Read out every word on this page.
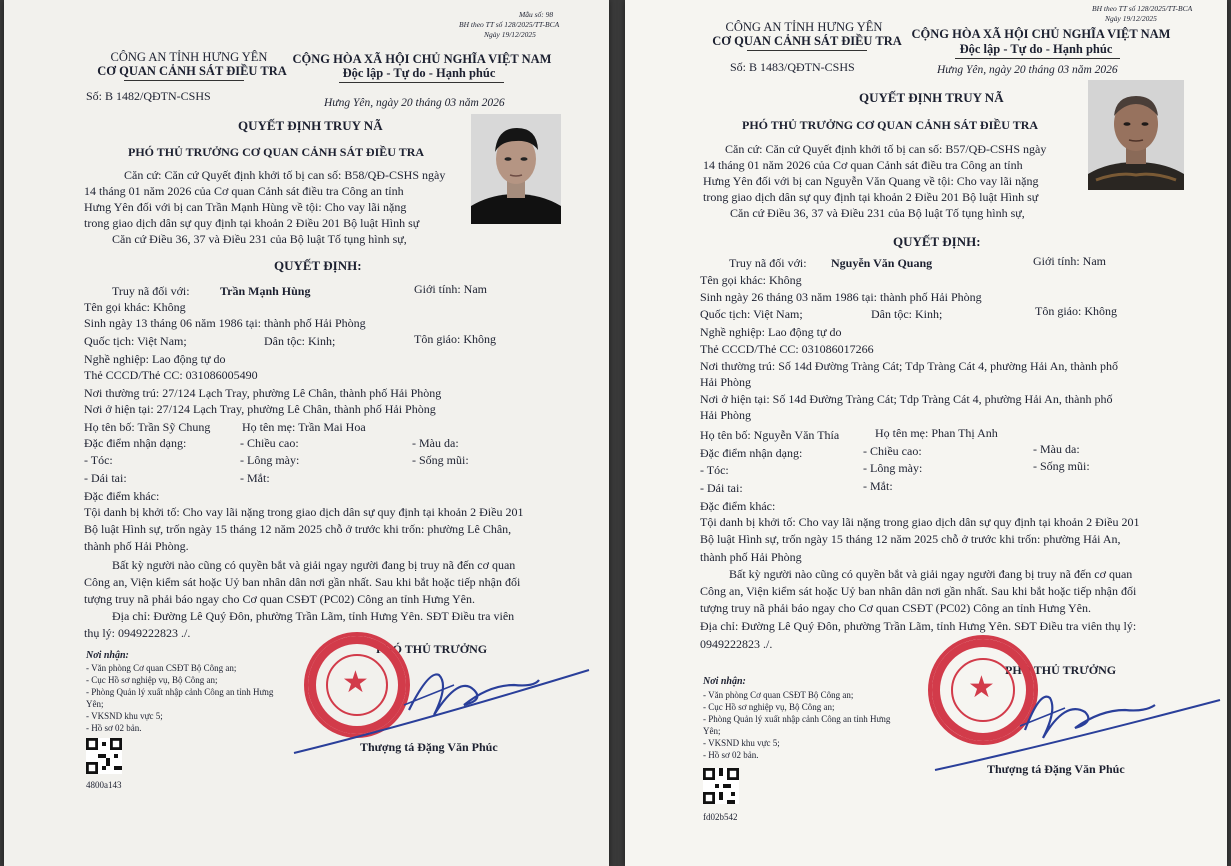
Mẫu số: 98
BH theo TT số 128/2025/TT-BCA
Ngày 19/12/2025
CÔNG AN TỈNH HƯNG YÊN
CƠ QUAN CẢNH SÁT ĐIỀU TRA
CỘNG HÒA XÃ HỘI CHỦ NGHĨA VIỆT NAM
Độc lập - Tự do - Hạnh phúc
Số: B 1482/QĐTN-CSHS	Hưng Yên, ngày 20 tháng 03 năm 2026
QUYẾT ĐỊNH TRUY NÃ
PHÓ THỦ TRƯỞNG CƠ QUAN CẢNH SÁT ĐIỀU TRA
Căn cứ: Căn cứ Quyết định khởi tố bị can số: B58/QĐ-CSHS ngày
14 tháng 01 năm 2026 của Cơ quan Cảnh sát điều tra Công an tỉnh
Hưng Yên đối với bị can Trần Mạnh Hùng về tội: Cho vay lãi nặng
trong giao dịch dân sự quy định tại khoản 2 Điều 201 Bộ luật Hình sự
Căn cứ Điều 36, 37 và Điều 231 của Bộ luật Tố tụng hình sự,
QUYẾT ĐỊNH:
Truy nã đối với:	Trần Mạnh Hùng	Giới tính: Nam
Tên gọi khác: Không
Sinh ngày 13 tháng 06 năm 1986 tại: thành phố Hải Phòng
Quốc tịch: Việt Nam;	Dân tộc: Kinh;	Tôn giáo: Không
Nghề nghiệp: Lao động tự do
Thẻ CCCD/Thẻ CC: 031086005490
Nơi thường trú: 27/124 Lạch Tray, phường Lê Chân, thành phố Hải Phòng
Nơi ở hiện tại: 27/124 Lạch Tray, phường Lê Chân, thành phố Hải Phòng
Họ tên bố: Trần Sỹ Chung	Họ tên mẹ: Trần Mai Hoa
Đặc điểm nhận dạng:	- Chiều cao:	- Màu da:
- Tóc:	- Lông mày:	- Sống mũi:
- Dái tai:	- Mắt:
Đặc điểm khác:
Tội danh bị khởi tố: Cho vay lãi nặng trong giao dịch dân sự quy định tại khoản 2 Điều 201
Bộ luật Hình sự, trốn ngày 15 tháng 12 năm 2025 chỗ ở trước khi trốn: phường Lê Chân,
thành phố Hải Phòng.
Bất kỳ người nào cũng có quyền bắt và giải ngay người đang bị truy nã đến cơ quan
Công an, Viện kiểm sát hoặc Uỷ ban nhân dân nơi gần nhất. Sau khi bắt hoặc tiếp nhận đối
tượng truy nã phải báo ngay cho Cơ quan CSĐT (PC02) Công an tỉnh Hưng Yên.
Địa chỉ: Đường Lê Quý Đôn, phường Trần Lãm, tỉnh Hưng Yên. SĐT Điều tra viên
thụ lý: 0949222823 ./.
PHÓ THỦ TRƯỞNG
Nơi nhận:
- Văn phòng Cơ quan CSĐT Bộ Công an;
- Cục Hồ sơ nghiệp vụ, Bộ Công an;
- Phòng Quản lý xuất nhập cảnh Công an tỉnh Hưng
Yên;
- VKSND khu vực 5;
- Hồ sơ 02 bản.
★
Thượng tá Đặng Văn Phúc
4800a143
BH theo TT số 128/2025/TT-BCA
Ngày 19/12/2025
CÔNG AN TỈNH HƯNG YÊN
CƠ QUAN CẢNH SÁT ĐIỀU TRA CỘNG HÒA XÃ HỘI CHỦ NGHĨA VIỆT NAM
Độc lập - Tự do - Hạnh phúc
Số: B 1483/QĐTN-CSHS	Hưng Yên, ngày 20 tháng 03 năm 2026
QUYẾT ĐỊNH TRUY NÃ
PHÓ THỦ TRƯỞNG CƠ QUAN CẢNH SÁT ĐIỀU TRA
Căn cứ: Căn cứ Quyết định khởi tố bị can số: B57/QĐ-CSHS ngày
14 tháng 01 năm 2026 của Cơ quan Cảnh sát điều tra Công an tỉnh
Hưng Yên đối với bị can Nguyễn Văn Quang về tội: Cho vay lãi nặng
trong giao dịch dân sự quy định tại khoản 2 Điều 201 Bộ luật Hình sự
Căn cứ Điều 36, 37 và Điều 231 của Bộ luật Tố tụng hình sự,
QUYẾT ĐỊNH:
Truy nã đối với: Nguyễn Văn Quang	Giới tính: Nam
Tên gọi khác: Không
Sinh ngày 26 tháng 03 năm 1986 tại: thành phố Hải Phòng
Quốc tịch: Việt Nam;	Dân tộc: Kinh;	Tôn giáo: Không
Nghề nghiệp: Lao động tự do
Thẻ CCCD/Thẻ CC: 031086017266
Nơi thường trú: Số 14d Đường Tràng Cát; Tdp Tràng Cát 4, phường Hải An, thành phố
Hải Phòng
Nơi ở hiện tại: Số 14d Đường Tràng Cát; Tdp Tràng Cát 4, phường Hải An, thành phố
Hải Phòng
Họ tên bố: Nguyễn Văn Thía	Họ tên mẹ: Phan Thị Anh
Đặc điểm nhận dạng:	- Chiều cao:	- Màu da:
- Tóc:	- Lông mày:	- Sống mũi:
- Dái tai:	- Mắt:
Đặc điểm khác:
Tội danh bị khởi tố: Cho vay lãi nặng trong giao dịch dân sự quy định tại khoản 2 Điều 201
Bộ luật Hình sự, trốn ngày 15 tháng 12 năm 2025 chỗ ở trước khi trốn: phường Hải An,
thành phố Hải Phòng
Bất kỳ người nào cũng có quyền bắt và giải ngay người đang bị truy nã đến cơ quan
Công an, Viện kiểm sát hoặc Uỷ ban nhân dân nơi gần nhất. Sau khi bắt hoặc tiếp nhận đối
tượng truy nã phải báo ngay cho Cơ quan CSĐT (PC02) Công an tỉnh Hưng Yên.
Địa chỉ: Đường Lê Quý Đôn, phường Trần Lãm, tỉnh Hưng Yên. SĐT Điều tra viên thụ lý:
0949222823 ./.
PHÓ THỦ TRƯỞNG
Nơi nhận:
- Văn phòng Cơ quan CSĐT Bộ Công an;
- Cục Hồ sơ nghiệp vụ, Bộ Công an;
- Phòng Quản lý xuất nhập cảnh Công an tỉnh Hưng
Yên;
- VKSND khu vực 5;
- Hồ sơ 02 bản.
★
Thượng tá Đặng Văn Phúc
fd02b542
